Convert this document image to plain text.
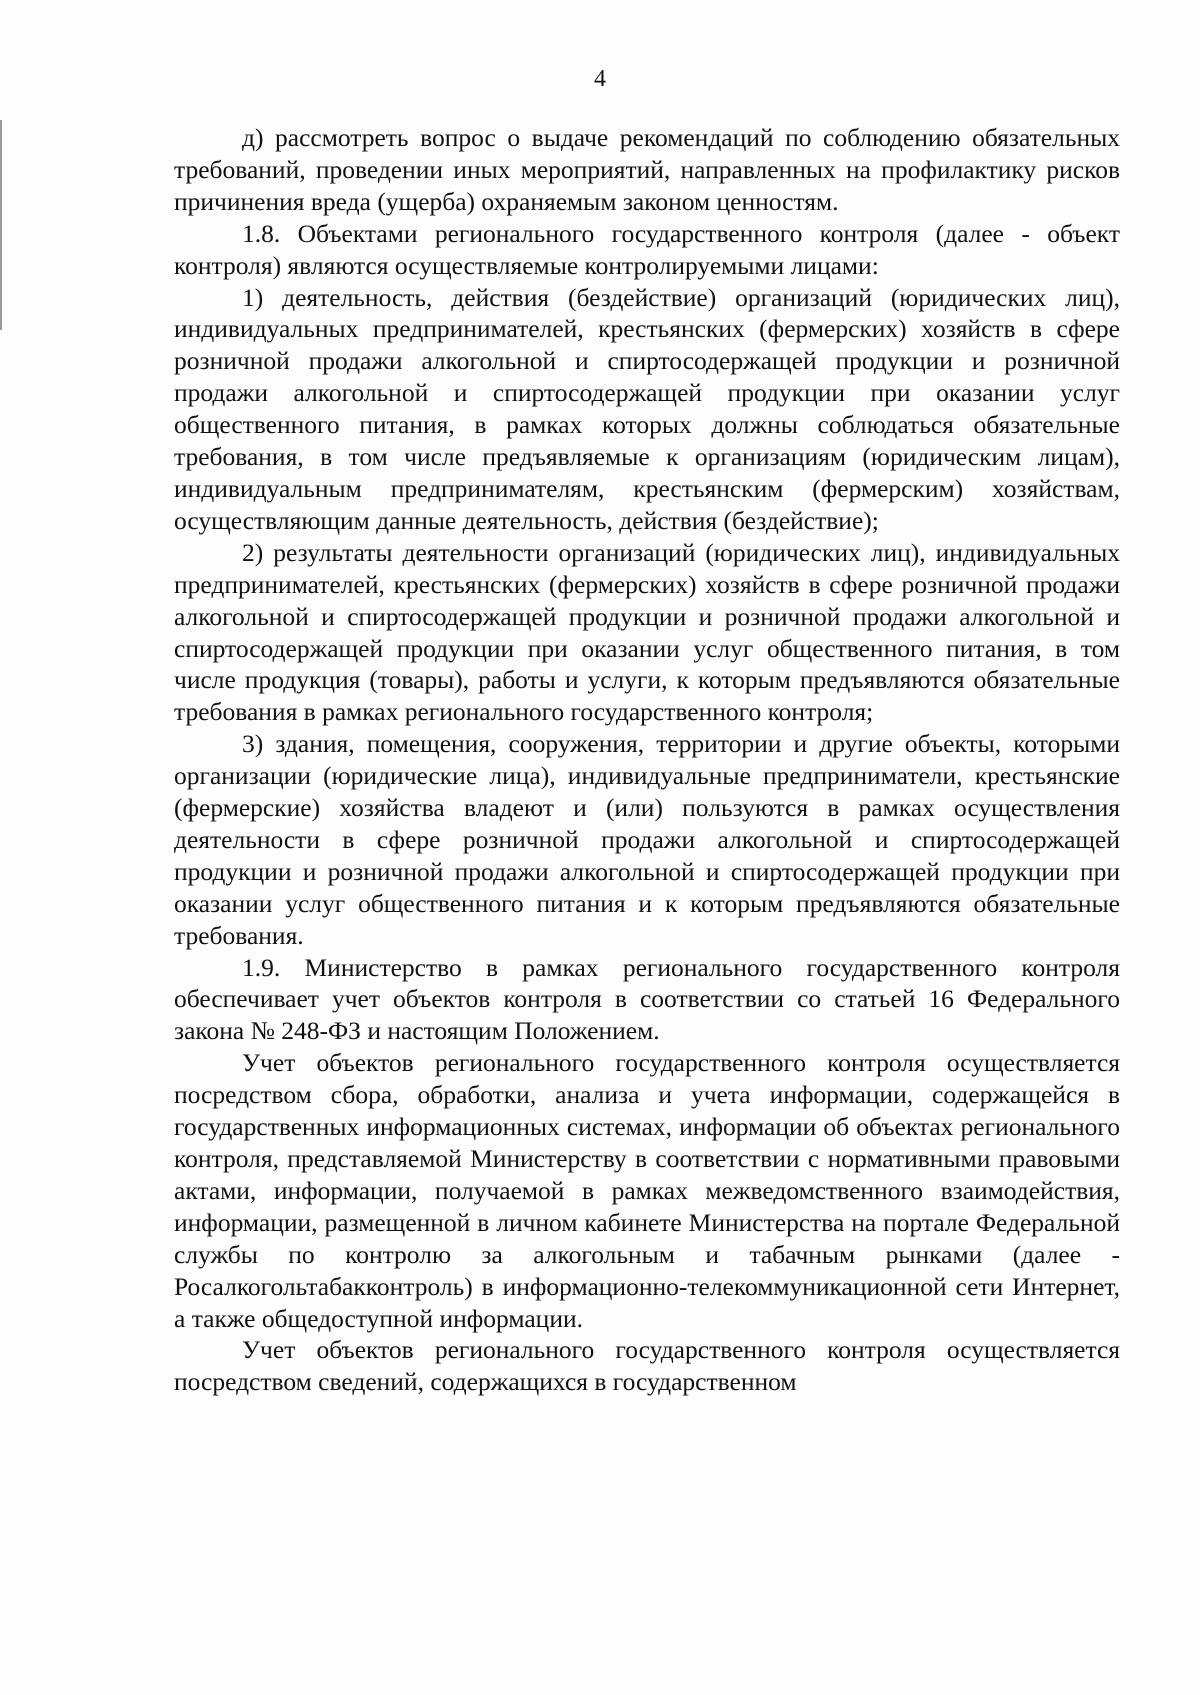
4

д) рассмотреть вопрос о выдаче рекомендаций по соблюдению обязательных требований, проведении иных мероприятий, направленных на профилактику рисков причинения вреда (ущерба) охраняемым законом ценностям.

1.8. Объектами регионального государственного контроля (далее - объект контроля) являются осуществляемые контролируемыми лицами:

1) деятельность, действия (бездействие) организаций (юридических лиц), индивидуальных предпринимателей, крестьянских (фермерских) хозяйств в сфере розничной продажи алкогольной и спиртосодержащей продукции и розничной продажи алкогольной и спиртосодержащей продукции при оказании услуг общественного питания, в рамках которых должны соблюдаться обязательные требования, в том числе предъявляемые к организациям (юридическим лицам), индивидуальным предпринимателям, крестьянским (фермерским) хозяйствам, осуществляющим данные деятельность, действия (бездействие);

2) результаты деятельности организаций (юридических лиц), индивидуальных предпринимателей, крестьянских (фермерских) хозяйств в сфере розничной продажи алкогольной и спиртосодержащей продукции и розничной продажи алкогольной и спиртосодержащей продукции при оказании услуг общественного питания, в том числе продукция (товары), работы и услуги, к которым предъявляются обязательные требования в рамках регионального государственного контроля;

3) здания, помещения, сооружения, территории и другие объекты, которыми организации (юридические лица), индивидуальные предприниматели, крестьянские (фермерские) хозяйства владеют и (или) пользуются в рамках осуществления деятельности в сфере розничной продажи алкогольной и спиртосодержащей продукции и розничной продажи алкогольной и спиртосодержащей продукции при оказании услуг общественного питания и к которым предъявляются обязательные требования.

1.9. Министерство в рамках регионального государственного контроля обеспечивает учет объектов контроля в соответствии со статьей 16 Федерального закона № 248-ФЗ и настоящим Положением.

Учет объектов регионального государственного контроля осуществляется посредством сбора, обработки, анализа и учета информации, содержащейся в государственных информационных системах, информации об объектах регионального контроля, представляемой Министерству в соответствии с нормативными правовыми актами, информации, получаемой в рамках межведомственного взаимодействия, информации, размещенной в личном кабинете Министерства на портале Федеральной службы по контролю за алкогольным и табачным рынками (далее - Росалкогольтабакконтроль) в информационно-телекоммуникационной сети Интернет, а также общедоступной информации.

Учет объектов регионального государственного контроля осуществляется посредством сведений, содержащихся в государственном
